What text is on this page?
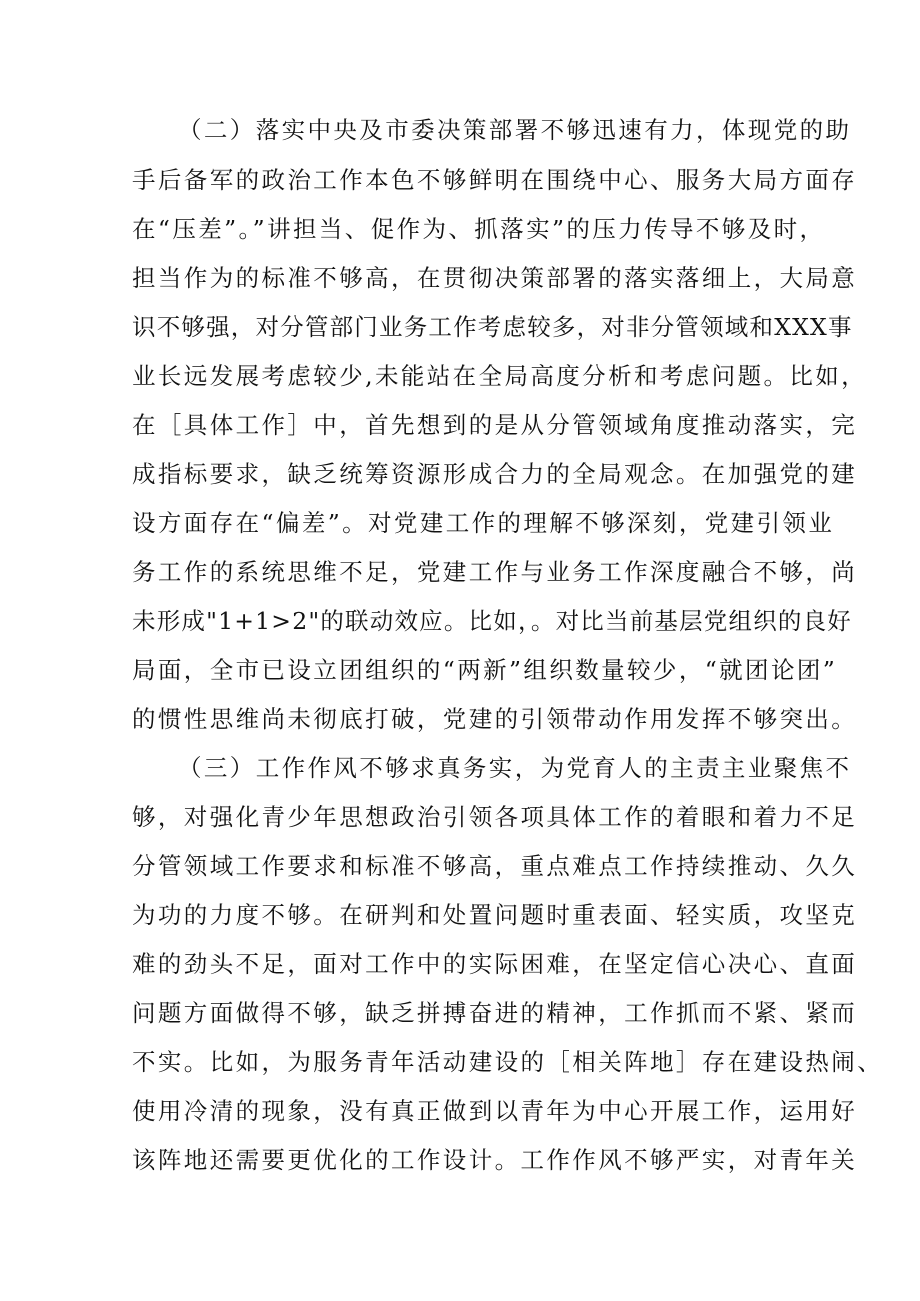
（二）落实中央及市委决策部署不够迅速有力，体现党的助
手后备军的政治工作本色不够鲜明在围绕中心、服务大局方面存
在“压差”。”讲担当、促作为、抓落实”的压力传导不够及时，
担当作为的标准不够高，在贯彻决策部署的落实落细上，大局意
识不够强，对分管部门业务工作考虑较多，对非分管领域和XXX事
业长远发展考虑较少,未能站在全局高度分析和考虑问题。比如，
在［具体工作］中，首先想到的是从分管领域角度推动落实，完
成指标要求，缺乏统筹资源形成合力的全局观念。在加强党的建
设方面存在“偏差”。对党建工作的理解不够深刻，党建引领业
务工作的系统思维不足，党建工作与业务工作深度融合不够，尚
未形成"1+1>2"的联动效应。比如，。对比当前基层党组织的良好
局面，全市已设立团组织的“两新”组织数量较少，“就团论团”
的惯性思维尚未彻底打破，党建的引领带动作用发挥不够突出。
（三）工作作风不够求真务实，为党育人的主责主业聚焦不
够，对强化青少年思想政治引领各项具体工作的着眼和着力不足
分管领域工作要求和标准不够高，重点难点工作持续推动、久久
为功的力度不够。在研判和处置问题时重表面、轻实质，攻坚克
难的劲头不足，面对工作中的实际困难，在坚定信心决心、直面
问题方面做得不够，缺乏拼搏奋进的精神，工作抓而不紧、紧而
不实。比如，为服务青年活动建设的［相关阵地］存在建设热闹、
使用冷清的现象，没有真正做到以青年为中心开展工作，运用好
该阵地还需要更优化的工作设计。工作作风不够严实，对青年关
